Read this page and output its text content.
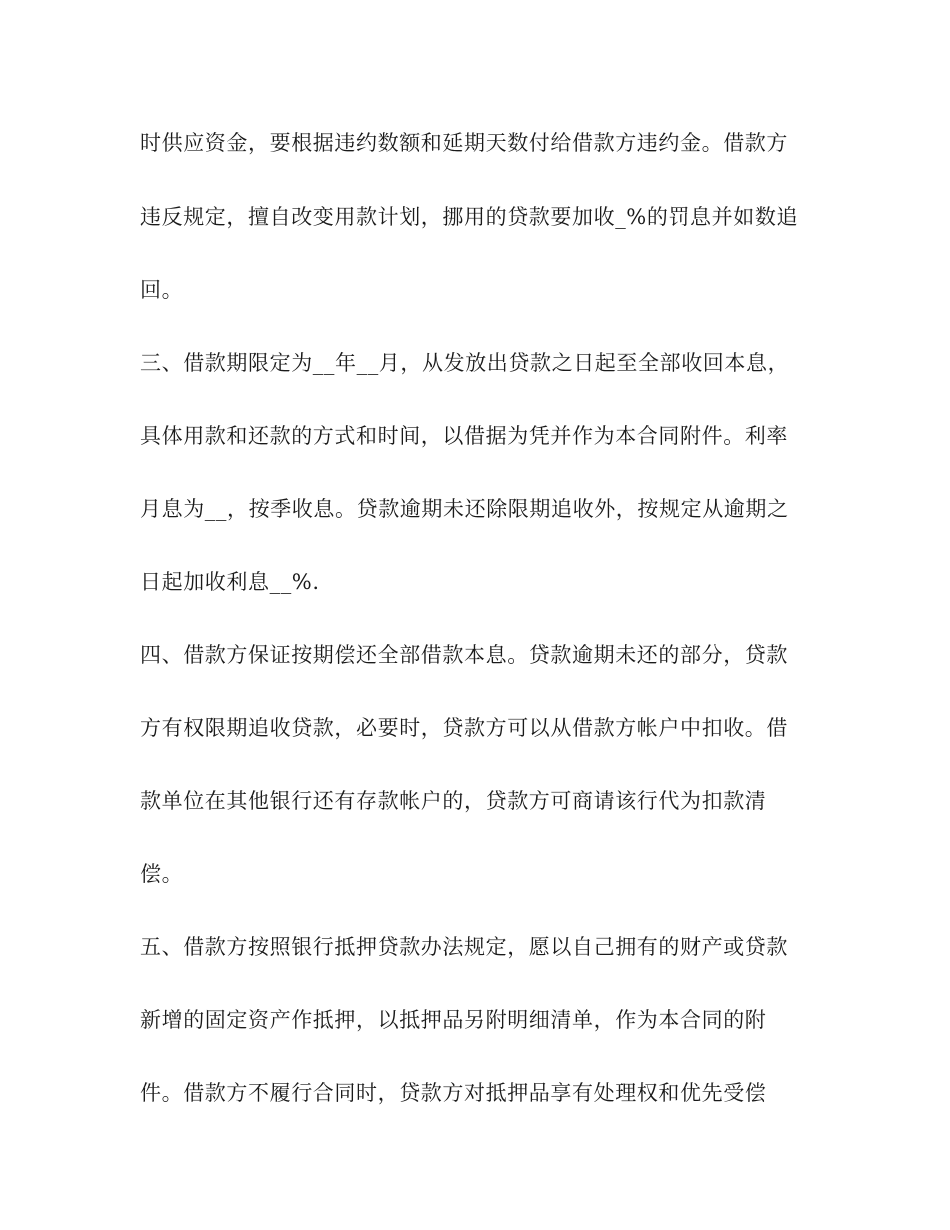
时供应资金，要根据违约数额和延期天数付给借款方违约金。借款方
违反规定，擅自改变用款计划，挪用的贷款要加收_%的罚息并如数追
回。
三、借款期限定为__年__月，从发放出贷款之日起至全部收回本息，
具体用款和还款的方式和时间，以借据为凭并作为本合同附件。利率
月息为__，按季收息。贷款逾期未还除限期追收外，按规定从逾期之
日起加收利息__%.
四、借款方保证按期偿还全部借款本息。贷款逾期未还的部分，贷款
方有权限期追收贷款，必要时，贷款方可以从借款方帐户中扣收。借
款单位在其他银行还有存款帐户的，贷款方可商请该行代为扣款清
偿。
五、借款方按照银行抵押贷款办法规定，愿以自己拥有的财产或贷款
新增的固定资产作抵押，以抵押品另附明细清单，作为本合同的附
件。借款方不履行合同时，贷款方对抵押品享有处理权和优先受偿
